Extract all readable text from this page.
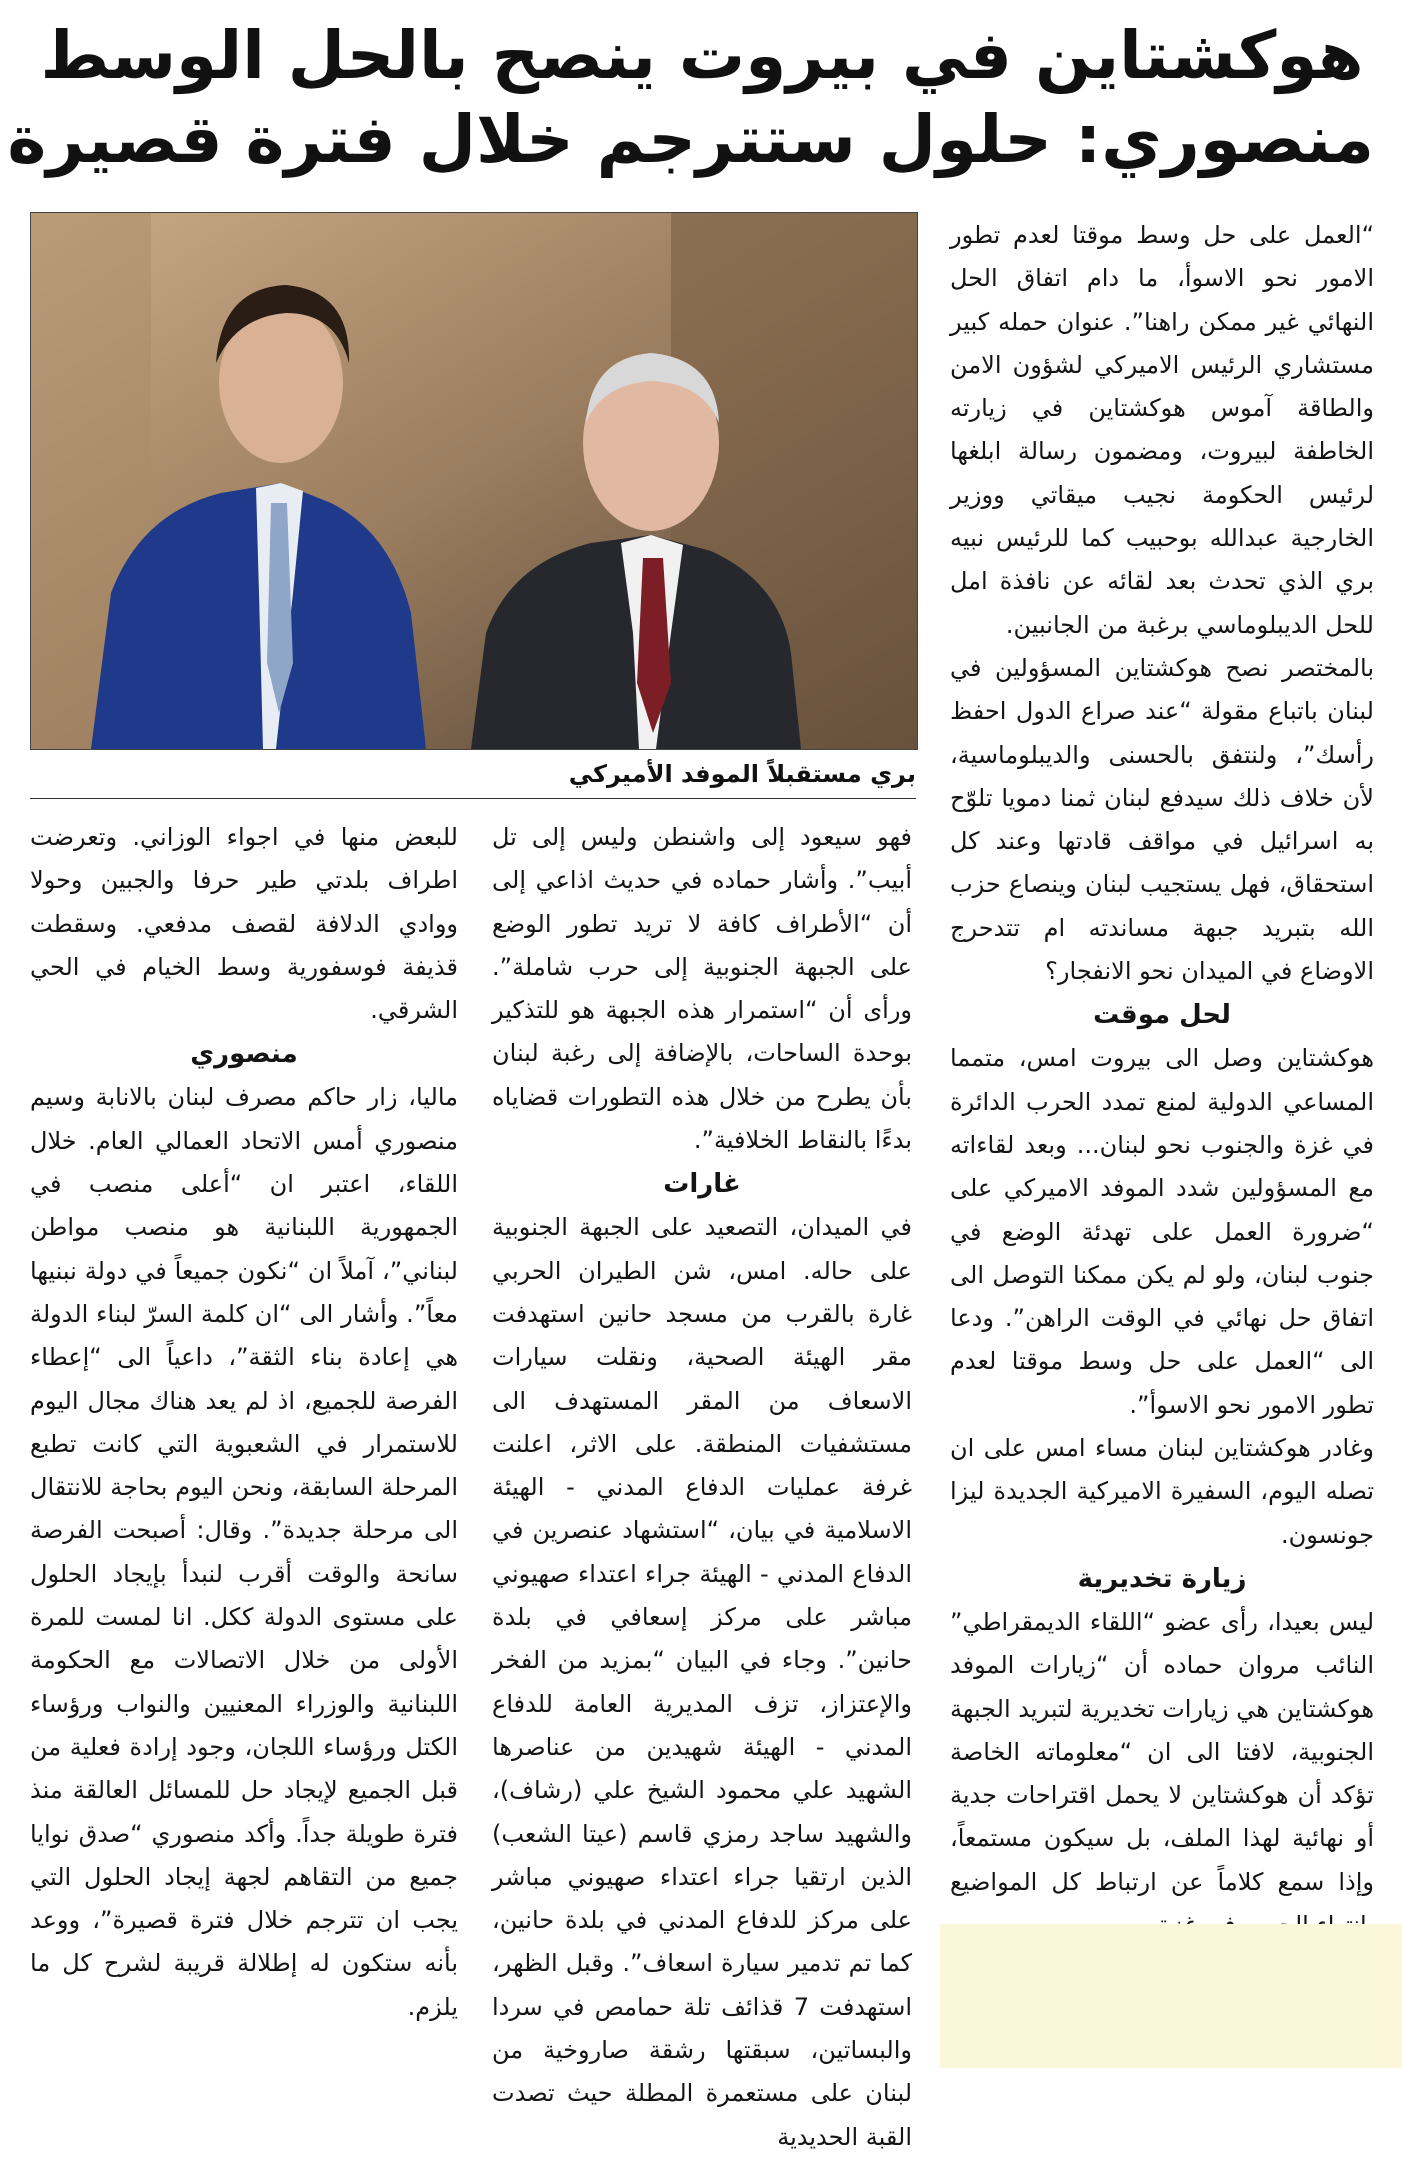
هوكشتاين في بيروت ينصح بالحل الوسط
منصوري: حلول ستترجم خلال فترة قصيرة
بري مستقبلاً الموفد الأميركي

“العمل على حل وسط موقتا لعدم تطور الامور نحو الاسوأ، ما دام اتفاق الحل النهائي غير ممكن راهنا”. عنوان حمله كبير مستشاري الرئيس الاميركي لشؤون الامن والطاقة آموس هوكشتاين في زيارته الخاطفة لبيروت، ومضمون رسالة ابلغها لرئيس الحكومة نجيب ميقاتي ووزير الخارجية عبدالله بوحبيب كما للرئيس نبيه بري الذي تحدث بعد لقائه عن نافذة امل للحل الديبلوماسي برغبة من الجانبين.

بالمختصر نصح هوكشتاين المسؤولين في لبنان باتباع مقولة “عند صراع الدول احفظ رأسك”، ولنتفق بالحسنى والديبلوماسية، لأن خلاف ذلك سيدفع لبنان ثمنا دمويا تلوّح به اسرائيل في مواقف قادتها وعند كل استحقاق، فهل يستجيب لبنان وينصاع حزب الله بتبريد جبهة مساندته ام تتدحرج الاوضاع في الميدان نحو الانفجار؟

لحل موقت

هوكشتاين وصل الى بيروت امس، متمما المساعي الدولية لمنع تمدد الحرب الدائرة في غزة والجنوب نحو لبنان... وبعد لقاءاته مع المسؤولين شدد الموفد الاميركي على “ضرورة العمل على تهدئة الوضع في جنوب لبنان، ولو لم يكن ممكنا التوصل الى اتفاق حل نهائي في الوقت الراهن”. ودعا الى “العمل على حل وسط موقتا لعدم تطور الامور نحو الاسوأ”.

وغادر هوكشتاين لبنان مساء امس على ان تصله اليوم، السفيرة الاميركية الجديدة ليزا جونسون.

زيارة تخديرية

ليس بعيدا، رأى عضو “اللقاء الديمقراطي” النائب مروان حماده أن “زيارات الموفد هوكشتاين هي زيارات تخديرية لتبريد الجبهة الجنوبية، لافتا الى ان “معلوماته الخاصة تؤكد أن هوكشتاين لا يحمل اقتراحات جدية أو نهائية لهذا الملف، بل سيكون مستمعاً، وإذا سمع كلاماً عن ارتباط كل المواضيع

فهو سيعود إلى واشنطن وليس إلى تل أبيب”. وأشار حماده في حديث اذاعي إلى أن “الأطراف كافة لا تريد تطور الوضع على الجبهة الجنوبية إلى حرب شاملة”. ورأى أن “استمرار هذه الجبهة هو للتذكير بوحدة الساحات، بالإضافة إلى رغبة لبنان بأن يطرح من خلال هذه التطورات قضاياه بدءًا بالنقاط الخلافية”.

غارات

في الميدان، التصعيد على الجبهة الجنوبية على حاله. امس، شن الطيران الحربي غارة بالقرب من مسجد حانين استهدفت مقر الهيئة الصحية، ونقلت سيارات الاسعاف من المقر المستهدف الى مستشفيات المنطقة. على الاثر، اعلنت غرفة عمليات الدفاع المدني - الهيئة الاسلامية في بيان، “استشهاد عنصرين في الدفاع المدني - الهيئة جراء اعتداء صهيوني مباشر على مركز إسعافي في بلدة حانين”. وجاء في البيان “بمزيد من الفخر والإعتزاز، تزف المديرية العامة للدفاع المدني - الهيئة شهيدين من عناصرها الشهيد علي محمود الشيخ علي (رشاف)، والشهيد ساجد رمزي قاسم (عيتا الشعب) الذين ارتقيا جراء اعتداء صهيوني مباشر على مركز للدفاع المدني في بلدة حانين، كما تم تدمير سيارة اسعاف”. وقبل الظهر، استهدفت 7 قذائف تلة حمامص في سردا والبساتين، سبقتها رشقة صاروخية من لبنان على مستعمرة المطلة حيث تصدت القبة الحديدية

للبعض منها في اجواء الوزاني. وتعرضت اطراف بلدتي طير حرفا والجبين وحولا ووادي الدلافة لقصف مدفعي. وسقطت قذيفة فوسفورية وسط الخيام في الحي الشرقي.

منصوري

ماليا، زار حاكم مصرف لبنان بالانابة وسيم منصوري أمس الاتحاد العمالي العام. خلال اللقاء، اعتبر ان “أعلى منصب في الجمهورية اللبنانية هو منصب مواطن لبناني”، آملاً ان “نكون جميعاً في دولة نبنيها معاً”. وأشار الى “ان كلمة السرّ لبناء الدولة هي إعادة بناء الثقة”، داعياً الى “إعطاء الفرصة للجميع، اذ لم يعد هناك مجال اليوم للاستمرار في الشعبوية التي كانت تطبع المرحلة السابقة، ونحن اليوم بحاجة للانتقال الى مرحلة جديدة”. وقال: أصبحت الفرصة سانحة والوقت أقرب لنبدأ بإيجاد الحلول على مستوى الدولة ككل. انا لمست للمرة الأولى من خلال الاتصالات مع الحكومة اللبنانية والوزراء المعنيين والنواب ورؤساء الكتل ورؤساء اللجان، وجود إرادة فعلية من قبل الجميع لإيجاد حل للمسائل العالقة منذ فترة طويلة جداً. وأكد منصوري “صدق نوايا جميع من التقاهم لجهة إيجاد الحلول التي يجب ان تترجم خلال فترة قصيرة”، ووعد بأنه ستكون له إطلالة قريبة لشرح كل ما يلزم.
